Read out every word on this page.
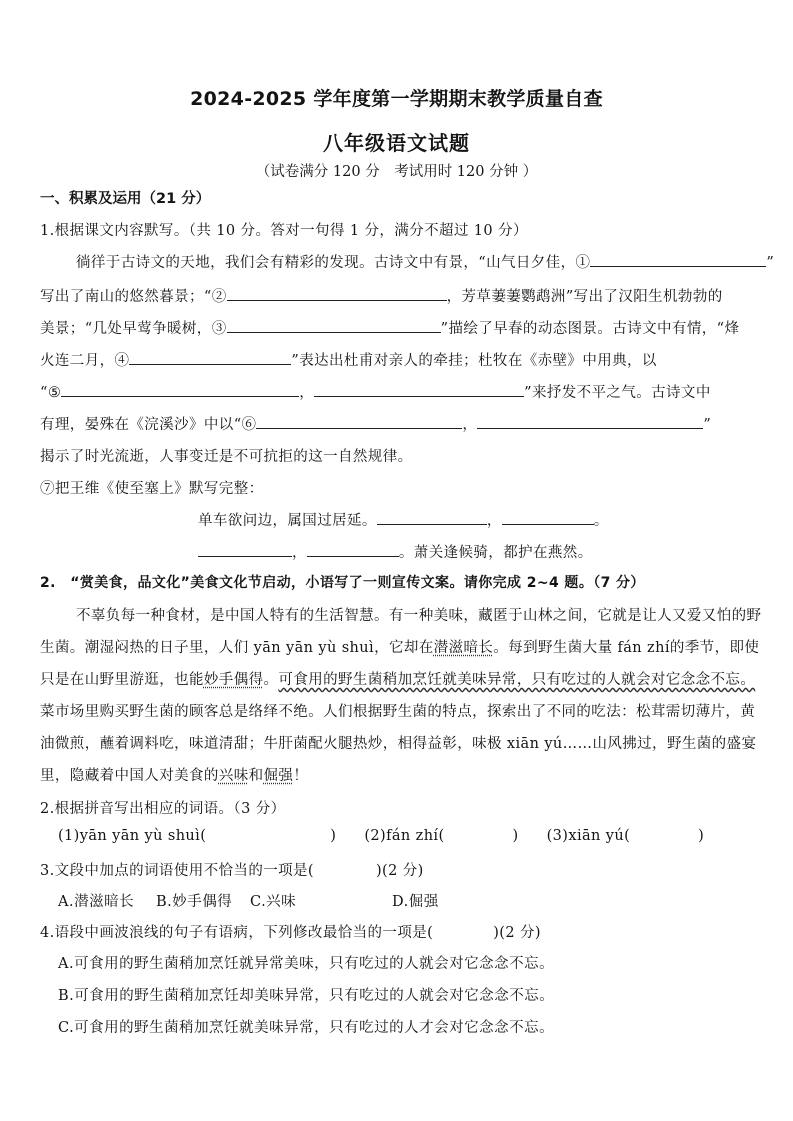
2024-2025 学年度第一学期期末教学质量自查
八年级语文试题
（试卷满分 120 分　考试用时 120 分钟 ）
一、积累及运用（21 分）
1.根据课文内容默写。（共 10 分。答对一句得 1 分，满分不超过 10 分）
徜徉于古诗文的天地，我们会有精彩的发现。古诗文中有景，“山气日夕佳，①	”
写出了南山的悠然暮景；“②	，芳草萋萋鹦鹉洲”写出了汉阳生机勃勃的
美景；“几处早莺争暖树，③	”描绘了早春的动态图景。古诗文中有情，“烽
火连二月，④	”表达出杜甫对亲人的牵挂；杜牧在《赤壁》中用典，以
“⑤	，	”来抒发不平之气。古诗文中
有理，晏殊在《浣溪沙》中以“⑥	，	”
揭示了时光流逝，人事变迁是不可抗拒的这一自然规律。
⑦把王维《使至塞上》默写完整：
单车欲问边，属国过居延。	，	。
，	。萧关逢候骑，都护在燕然。
2.　“赏美食，品文化”美食文化节启动，小语写了一则宣传文案。请你完成 2~4 题。（7 分）
不辜负每一种食材，是中国人特有的生活智慧。有一种美味，藏匿于山林之间，它就是让人又爱又怕的野
生菌。潮湿闷热的日子里，人们 yān yān yù shuì，它却在潜滋暗长。每到野生菌大量 fán zhí的季节，即使
只是在山野里游逛，也能妙手偶得。可食用的野生菌稍加烹饪就美味异常，只有吃过的人就会对它念念不忘。
菜市场里购买野生菌的顾客总是络绎不绝。人们根据野生菌的特点，探索出了不同的吃法：松茸需切薄片，黄
油微煎，蘸着调料吃，味道清甜；牛肝菌配火腿热炒，相得益彰，味极 xiān yú……山风拂过，野生菌的盛宴
里，隐藏着中国人对美食的兴味和倔强！
2.根据拼音写出相应的词语。（3 分）
(1)yān yān yù shuì(	) (2)fán zhí(	) (3)xiān yú(	)
3.文段中加点的词语使用不恰当的一项是(	)(2 分)
A.潜滋暗长 B.妙手偶得 C.兴味	D.倔强
4.语段中画波浪线的句子有语病，下列修改最恰当的一项是(	)(2 分)
A.可食用的野生菌稍加烹饪就异常美味，只有吃过的人就会对它念念不忘。
B.可食用的野生菌稍加烹饪却美味异常，只有吃过的人就会对它念念不忘。
C.可食用的野生菌稍加烹饪就美味异常，只有吃过的人才会对它念念不忘。
